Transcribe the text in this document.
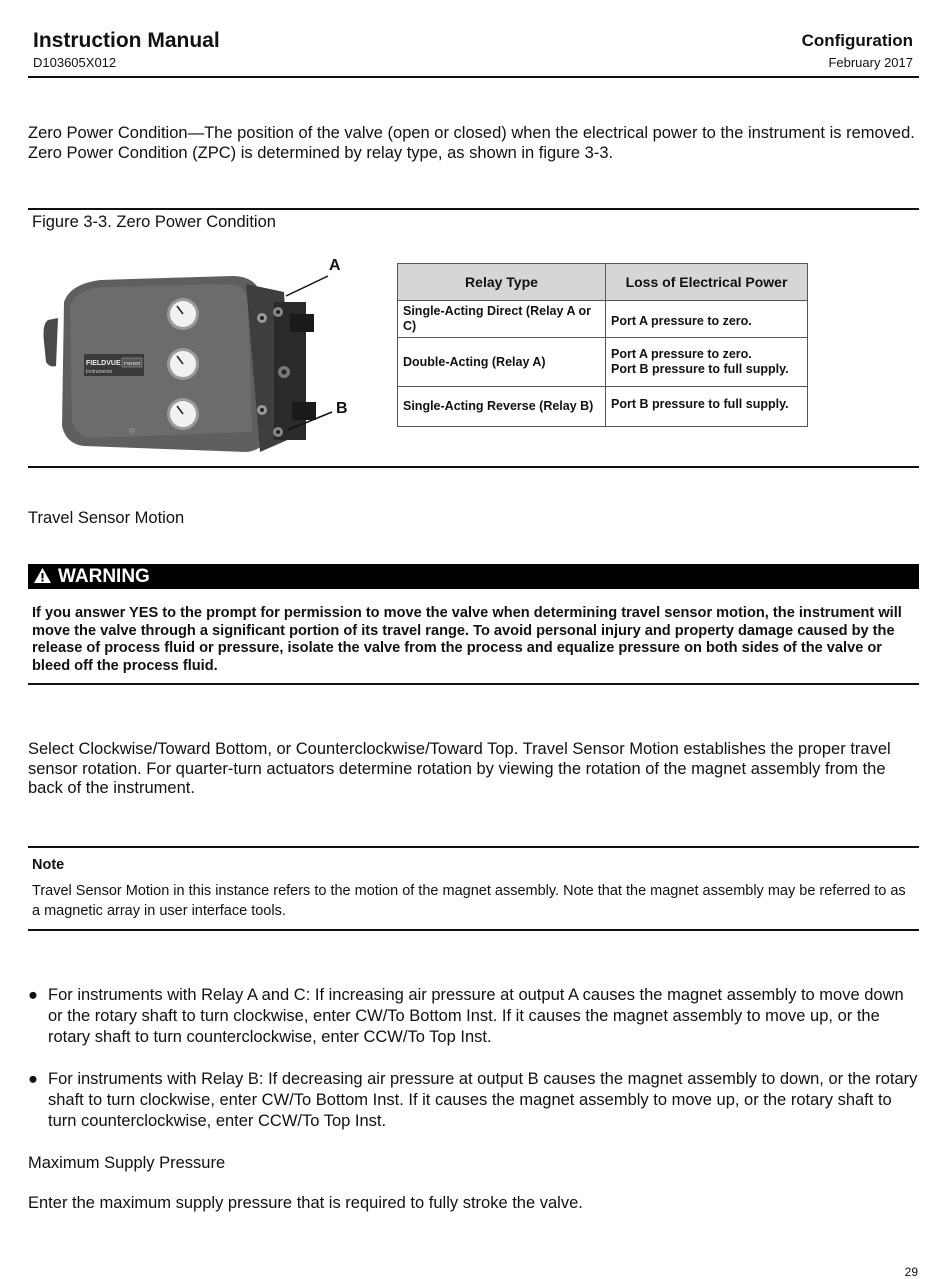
Instruction Manual
D103605X012
Configuration
February 2017
Zero Power Condition—The position of the valve (open or closed) when the electrical power to the instrument is removed. Zero Power Condition (ZPC) is determined by relay type, as shown in figure 3-3.
Figure 3-3. Zero Power Condition
FIELDVUE
Instruments
FISHER
✲
A
B
Relay Type	Loss of Electrical Power
Single-Acting Direct (Relay A or C)	Port A pressure to zero.

Double-Acting (Relay A)	Port A pressure to zero.
Port B pressure to full supply.

Single-Acting Reverse (Relay B)	Port B pressure to full supply.
Travel Sensor Motion
WARNING
If you answer YES to the prompt for permission to move the valve when determining travel sensor motion, the instrument will move the valve through a significant portion of its travel range. To avoid personal injury and property damage caused by the release of process fluid or pressure, isolate the valve from the process and equalize pressure on both sides of the valve or bleed off the process fluid.
Select Clockwise/Toward Bottom, or Counterclockwise/Toward Top. Travel Sensor Motion establishes the proper travel sensor rotation. For quarter-turn actuators determine rotation by viewing the rotation of the magnet assembly from the back of the instrument.
Note
Travel Sensor Motion in this instance refers to the motion of the magnet assembly. Note that the magnet assembly may be referred to as a magnetic array in user interface tools.
● For instruments with Relay A and C: If increasing air pressure at output A causes the magnet assembly to move down or the rotary shaft to turn clockwise, enter CW/To Bottom Inst. If it causes the magnet assembly to move up, or the rotary shaft to turn counterclockwise, enter CCW/To Top Inst.
● For instruments with Relay B: If decreasing air pressure at output B causes the magnet assembly to down, or the rotary shaft to turn clockwise, enter CW/To Bottom Inst. If it causes the magnet assembly to move up, or the rotary shaft to turn counterclockwise, enter CCW/To Top Inst.
Maximum Supply Pressure
Enter the maximum supply pressure that is required to fully stroke the valve.
29
